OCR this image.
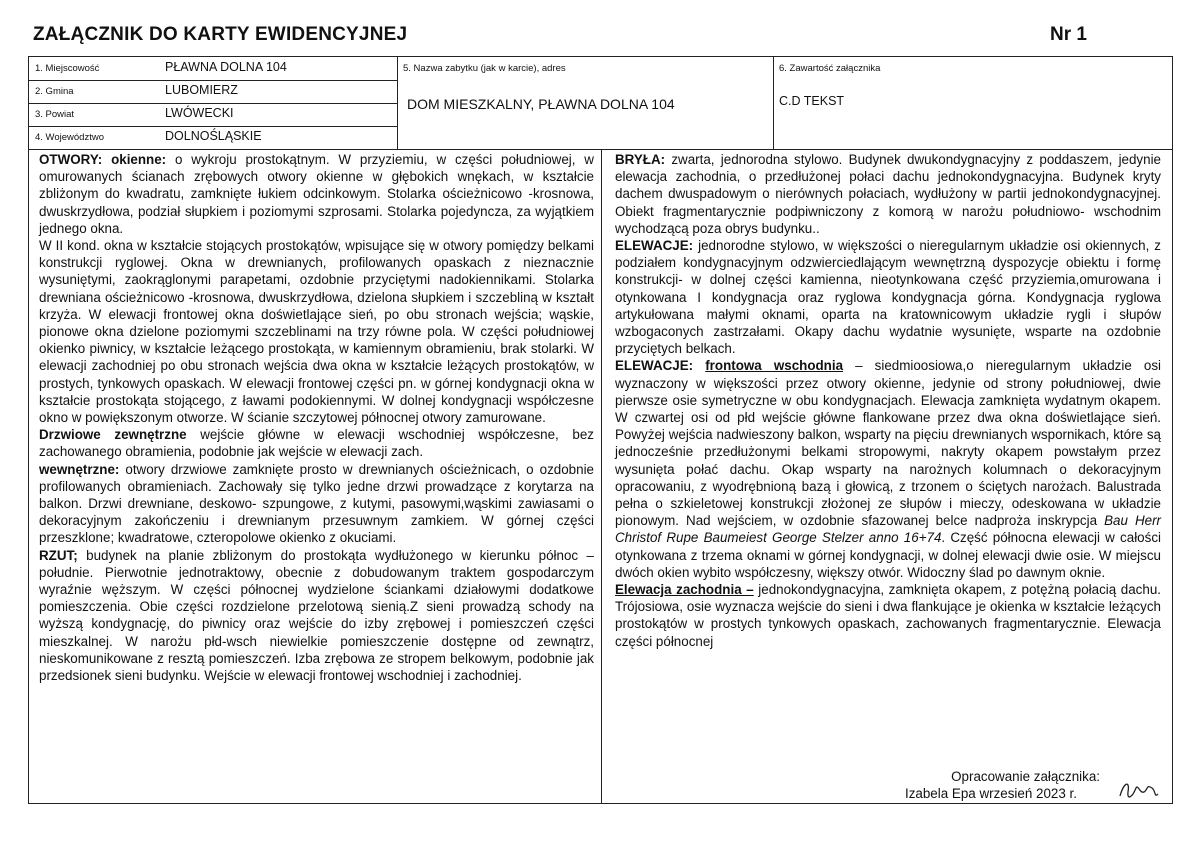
ZAŁĄCZNIK DO KARTY EWIDENCYJNEJ	Nr 1
1. Miejscowość	PŁAWNA DOLNA 104
2. Gmina	LUBOMIERZ
3. Powiat	LWÓWECKI
4. Województwo	DOLNOŚLĄSKIE
5. Nazwa zabytku (jak w karcie), adres
DOM MIESZKALNY, PŁAWNA DOLNA 104
6. Zawartość załącznika
C.D TEKST

OTWORY: okienne: o wykroju prostokątnym. W przyziemiu, w części południowej, w omurowanych ścianach zrębowych otwory okienne w głębokich wnękach, w kształcie zbliżonym do kwadratu, zamknięte łukiem odcinkowym. Stolarka ościeżnicowo -krosnowa, dwuskrzydłowa, podział słupkiem i poziomymi szprosami. Stolarka pojedyncza, za wyjątkiem jednego okna.

W II kond. okna w kształcie stojących prostokątów, wpisujące się w otwory pomiędzy belkami konstrukcji ryglowej. Okna w drewnianych, profilowanych opaskach z nieznacznie wysuniętymi, zaokrąglonymi parapetami, ozdobnie przyciętymi nadokiennikami. Stolarka drewniana ościeżnicowo -krosnowa, dwuskrzydłowa, dzielona słupkiem i szczebliną w kształt krzyża. W elewacji frontowej okna doświetlające sień, po obu stronach wejścia; wąskie, pionowe okna dzielone poziomymi szczeblinami na trzy równe pola. W części południowej okienko piwnicy, w kształcie leżącego prostokąta, w kamiennym obramieniu, brak stolarki. W elewacji zachodniej po obu stronach wejścia dwa okna w kształcie leżących prostokątów, w prostych, tynkowych opaskach. W elewacji frontowej części pn. w górnej kondygnacji okna w kształcie prostokąta stojącego, z ławami podokiennymi. W dolnej kondygnacji współczesne okno w powiększonym otworze. W ścianie szczytowej północnej otwory zamurowane.

Drzwiowe zewnętrzne wejście główne w elewacji wschodniej współczesne, bez zachowanego obramienia, podobnie jak wejście w elewacji zach.

wewnętrzne: otwory drzwiowe zamknięte prosto w drewnianych ościeżnicach, o ozdobnie profilowanych obramieniach. Zachowały się tylko jedne drzwi prowadzące z korytarza na balkon. Drzwi drewniane, deskowo- szpungowe, z kutymi, pasowymi,wąskimi zawiasami o dekoracyjnym zakończeniu i drewnianym przesuwnym zamkiem. W górnej części przeszklone; kwadratowe, czteropolowe okienko z okuciami.

RZUT; budynek na planie zbliżonym do prostokąta wydłużonego w kierunku północ – południe. Pierwotnie jednotraktowy, obecnie z dobudowanym traktem gospodarczym wyraźnie węższym. W części północnej wydzielone ściankami działowymi dodatkowe pomieszczenia. Obie części rozdzielone przelotową sienią.Z sieni prowadzą schody na wyższą kondygnację, do piwnicy oraz wejście do izby zrębowej i pomieszczeń części mieszkalnej. W narożu płd-wsch niewielkie pomieszczenie dostępne od zewnątrz, nieskomunikowane z resztą pomieszczeń. Izba zrębowa ze stropem belkowym, podobnie jak przedsionek sieni budynku. Wejście w elewacji frontowej wschodniej i zachodniej.

BRYŁA: zwarta, jednorodna stylowo. Budynek dwukondygnacyjny z poddaszem, jedynie elewacja zachodnia, o przedłużonej połaci dachu jednokondygnacyjna. Budynek kryty dachem dwuspadowym o nierównych połaciach, wydłużony w partii jednokondygnacyjnej. Obiekt fragmentarycznie podpiwniczony z komorą w narożu południowo- wschodnim wychodzącą poza obrys budynku..

ELEWACJE: jednorodne stylowo, w większości o nieregularnym układzie osi okiennych, z podziałem kondygnacyjnym odzwierciedlającym wewnętrzną dyspozycje obiektu i formę konstrukcji- w dolnej części kamienna, nieotynkowana część przyziemia,omurowana i otynkowana I kondygnacja oraz ryglowa kondygnacja górna. Kondygnacja ryglowa artykułowana małymi oknami, oparta na kratownicowym układzie rygli i słupów wzbogaconych zastrzałami. Okapy dachu wydatnie wysunięte, wsparte na ozdobnie przyciętych belkach.

ELEWACJE: frontowa wschodnia – siedmioosiowa,o nieregularnym układzie osi wyznaczony w większości przez otwory okienne, jedynie od strony południowej, dwie pierwsze osie symetryczne w obu kondygnacjach. Elewacja zamknięta wydatnym okapem. W czwartej osi od płd wejście główne flankowane przez dwa okna doświetlające sień. Powyżej wejścia nadwieszony balkon, wsparty na pięciu drewnianych wspornikach, które są jednocześnie przedłużonymi belkami stropowymi, nakryty okapem powstałym przez wysunięta połać dachu. Okap wsparty na narożnych kolumnach o dekoracyjnym opracowaniu, z wyodrębnioną bazą i głowicą, z trzonem o ściętych narożach. Balustrada pełna o szkieletowej konstrukcji złożonej ze słupów i mieczy, odeskowana w układzie pionowym. Nad wejściem, w ozdobnie sfazowanej belce nadproża inskrypcja Bau Herr Christof Rupe Baumeiest George Stelzer anno 16+74. Część północna elewacji w całości otynkowana z trzema oknami w górnej kondygnacji, w dolnej elewacji dwie osie. W miejscu dwóch okien wybito współczesny, większy otwór. Widoczny ślad po dawnym oknie.

Elewacja zachodnia – jednokondygnacyjna, zamknięta okapem, z potężną połacią dachu. Trójosiowa, osie wyznacza wejście do sieni i dwa flankujące je okienka w kształcie leżących prostokątów w prostych tynkowych opaskach, zachowanych fragmentarycznie. Elewacja części północnej

Opracowanie załącznika:
Izabela Epa wrzesień 2023 r.
